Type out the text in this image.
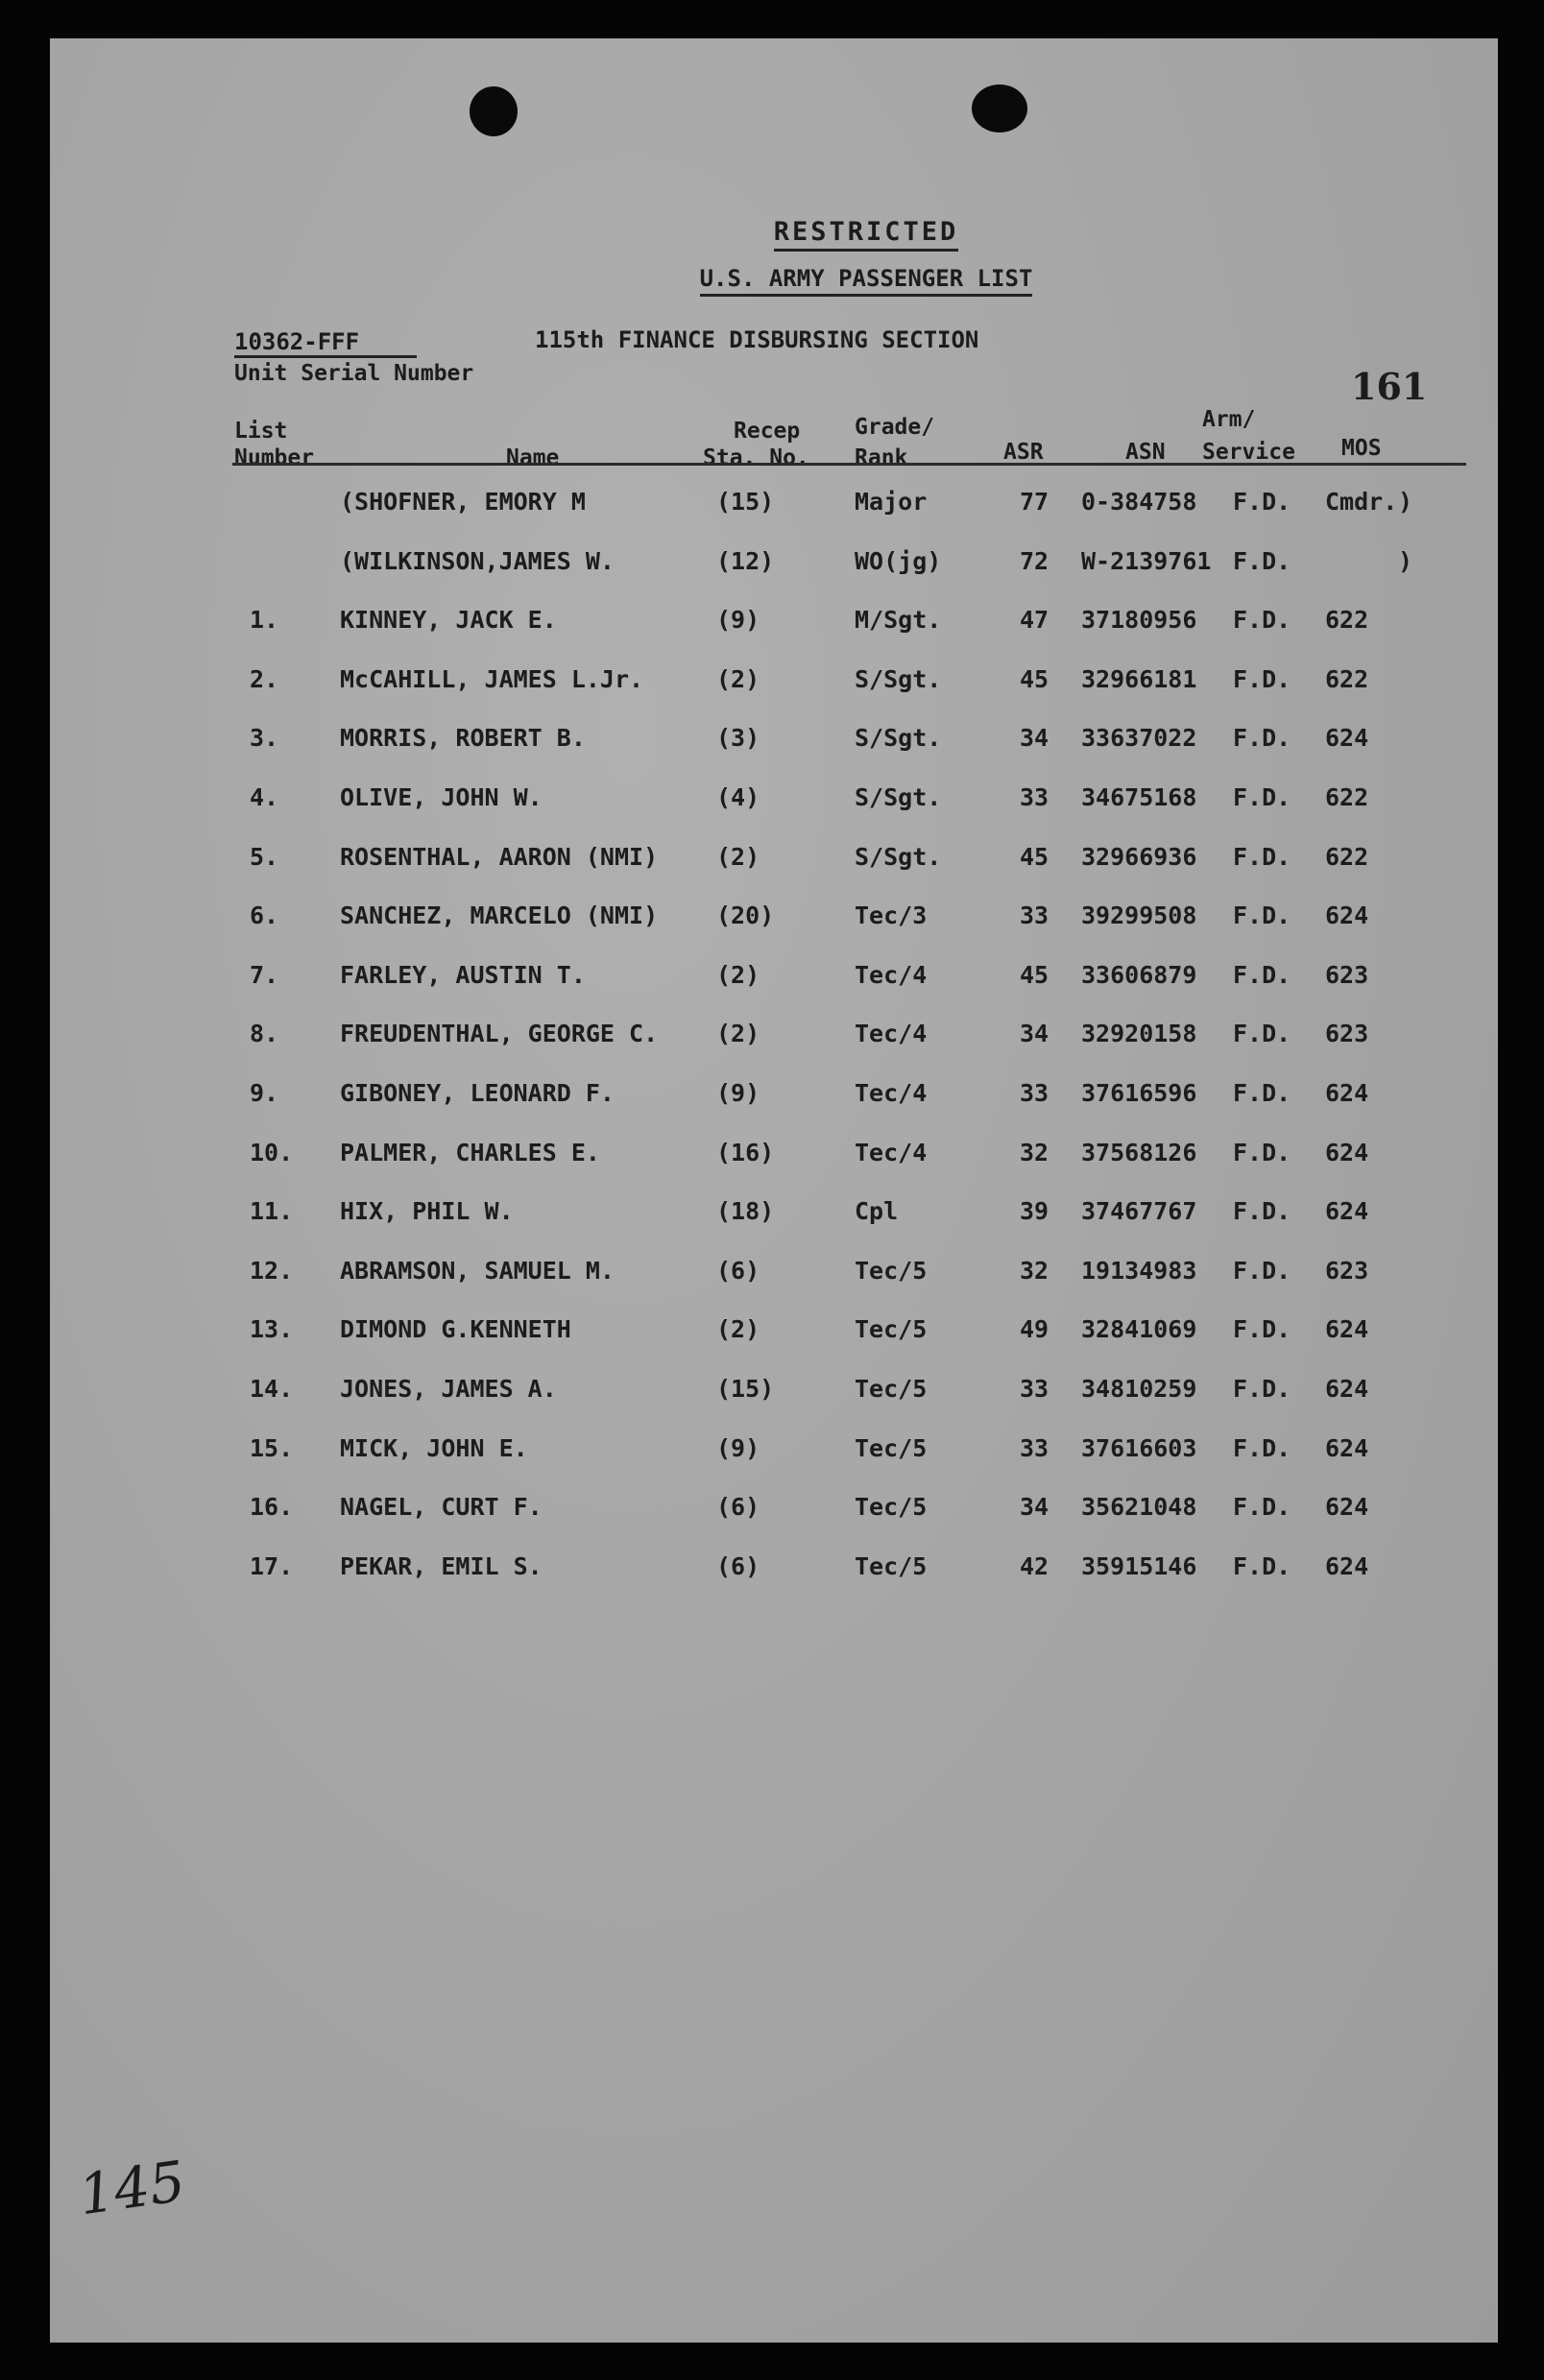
RESTRICTED
U.S. ARMY PASSENGER LIST
10362-FFF
Unit Serial Number
115th FINANCE DISBURSING SECTION
161
List
Number	Name
Recep
Sta. No.
Grade/
Rank	ASR	ASN
Arm/
Service MOS
(SHOFNER, EMORY M	(15)	Major	77 0-384758 F.D. Cmdr. )
(WILKINSON,JAMES W.	(12)	WO(jg)	72 W-2139761 F.D.	)
1.	KINNEY, JACK E.	(9)	M/Sgt.	47 37180956 F.D. 622
2.	McCAHILL, JAMES L.Jr.	(2)	S/Sgt.	45 32966181 F.D. 622
3.	MORRIS, ROBERT B.	(3)	S/Sgt.	34 33637022 F.D. 624
4.	OLIVE, JOHN W.	(4)	S/Sgt.	33 34675168 F.D. 622
5.	ROSENTHAL, AARON (NMI) (2)	S/Sgt.	45 32966936 F.D. 622
6.	SANCHEZ, MARCELO (NMI) (20)	Tec/3	33 39299508 F.D. 624
7.	FARLEY, AUSTIN T.	(2)	Tec/4	45 33606879 F.D. 623
8.	FREUDENTHAL, GEORGE C. (2)	Tec/4	34 32920158 F.D. 623
9.	GIBONEY, LEONARD F.	(9)	Tec/4	33 37616596 F.D. 624
10. PALMER, CHARLES E.	(16)	Tec/4	32 37568126 F.D. 624
11. HIX, PHIL W.	(18)	Cpl	39 37467767 F.D. 624
12. ABRAMSON, SAMUEL M.	(6)	Tec/5	32 19134983 F.D. 623
13. DIMOND G.KENNETH	(2)	Tec/5	49 32841069 F.D. 624
14. JONES, JAMES A.	(15)	Tec/5	33 34810259 F.D. 624
15. MICK, JOHN E.	(9)	Tec/5	33 37616603 F.D. 624
16. NAGEL, CURT F.	(6)	Tec/5	34 35621048 F.D. 624
17. PEKAR, EMIL S.	(6)	Tec/5	42 35915146 F.D. 624
145
